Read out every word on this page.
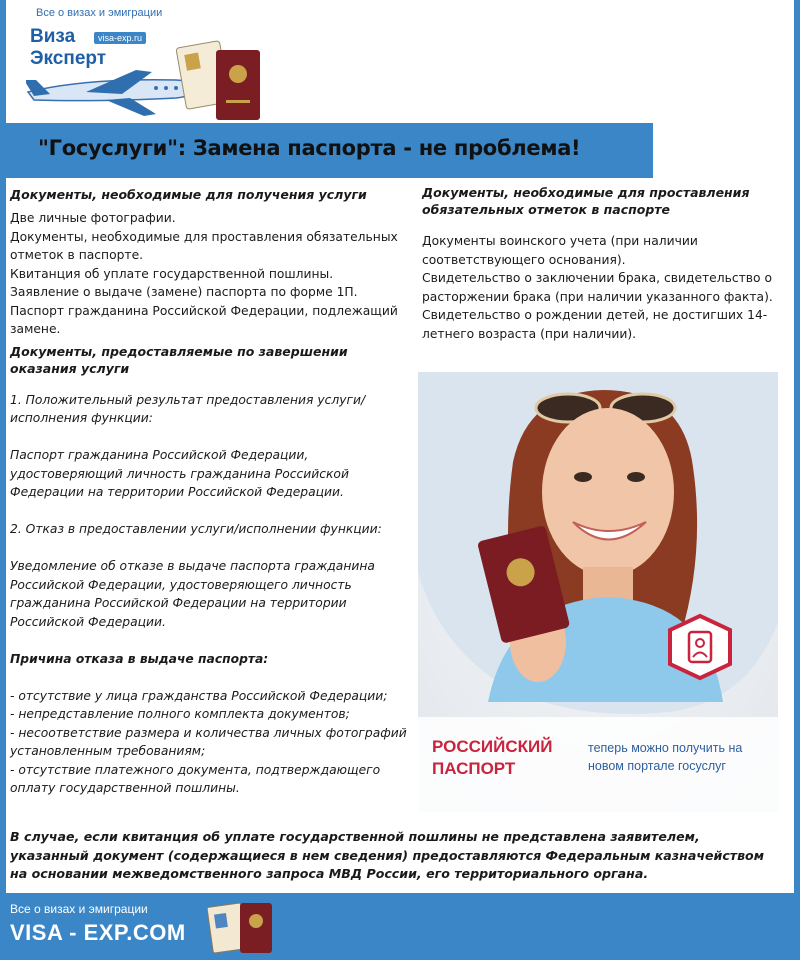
Все о визах и эмиграции
Виза	visa-exp.ru
Эксперт
"Госуслуги": Замена паспорта - не проблема!
Документы, необходимые для получения услуги

Две личные фотографии.

Документы, необходимые для проставления обязательных отметок в паспорте.

Квитанция об уплате государственной пошлины.

Заявление о выдаче (замене) паспорта по форме 1П.

Паспорт гражданина Российской Федерации, подлежащий замене.

Документы, предоставляемые по завершении оказания услуги

1. Положительный результат предоставления услуги/исполнения функции:

Паспорт гражданина Российской Федерации, удостоверяющий личность гражданина Российской Федерации на территории Российской Федерации.

2. Отказ в предоставлении услуги/исполнении функции:

Уведомление об отказе в выдаче паспорта гражданина Российской Федерации, удостоверяющего личность гражданина Российской Федерации на территории Российской Федерации.

Причина отказа в выдаче паспорта:

- отсутствие у лица гражданства Российской Федерации;

- непредставление полного комплекта документов;

- несоответствие размера и количества личных фотографий установленным требованиям;

- отсутствие платежного документа, подтверждающего оплату государственной пошлины.

Документы, необходимые для проставления обязательных отметок в паспорте

Документы воинского учета (при наличии соответствующего основания).

Свидетельство о заключении брака, свидетельство о расторжении брака (при наличии указанного факта).

Свидетельство о рождении детей, не достигших 14-летнего возраста (при наличии).

РОССИЙСКИЙ ПАСПОРТ
теперь можно получить на новом портале госуслуг
В случае, если квитанция об уплате государственной пошлины не представлена заявителем, указанный документ (содержащиеся в нем сведения) предоставляются Федеральным казначейством на основании межведомственного запроса МВД России, его территориального органа.
Все о визах и эмиграции
VISA - EXP.COM
